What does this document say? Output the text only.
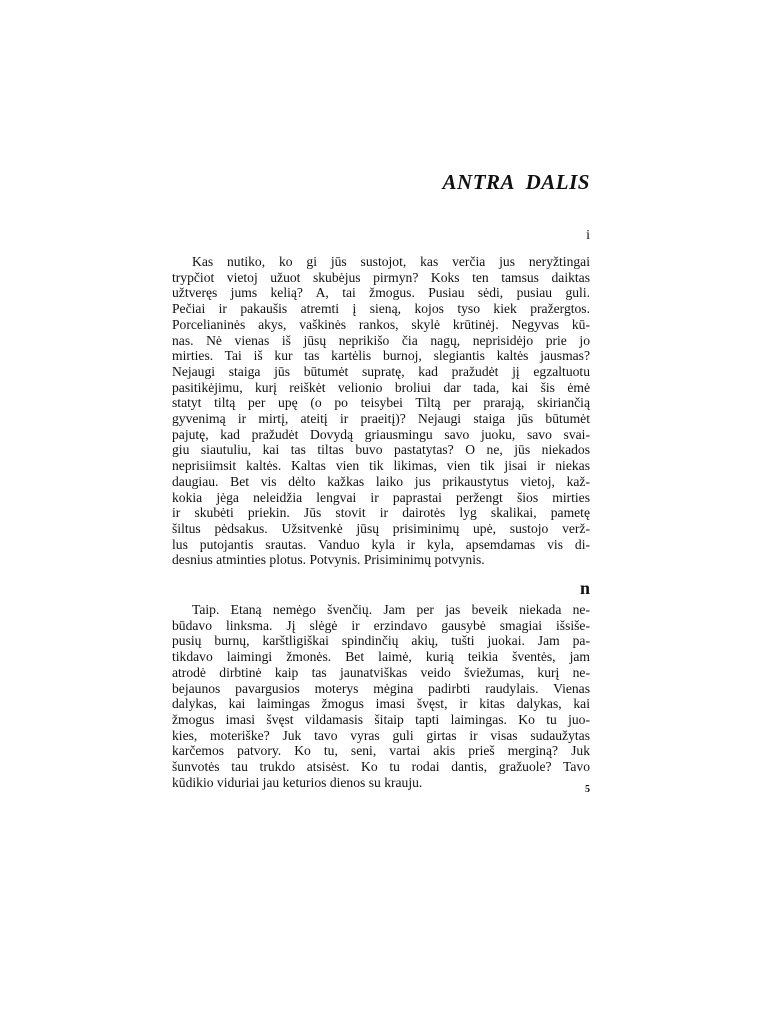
ANTRA DALIS
i
Kas nutiko, ko gi jūs sustojot, kas verčia jus neryžtingai
trypčiot vietoj užuot skubėjus pirmyn? Koks ten tamsus daiktas
užtveręs jums kelią? A, tai žmogus. Pusiau sėdi, pusiau guli.
Pečiai ir pakaušis atremti į sieną, kojos tyso kiek pražergtos.
Porcelianinės akys, vaškinės rankos, skylė krūtinėj. Negyvas kū-
nas. Nė vienas iš jūsų neprikišo čia nagų, neprisidėjo prie jo
mirties. Tai iš kur tas kartėlis burnoj, slegiantis kaltės jausmas?
Nejaugi staiga jūs būtumėt supratę, kad pražudėt jį egzaltuotu
pasitikėjimu, kurį reiškėt velionio broliui dar tada, kai šis ėmė
statyt tiltą per upę (o po teisybei Tiltą per prarają, skiriančią
gyvenimą ir mirtį, ateitį ir praeitį)? Nejaugi staiga jūs būtumėt
pajutę, kad pražudėt Dovydą griausmingu savo juoku, savo svai-
giu siautuliu, kai tas tiltas buvo pastatytas? O ne, jūs niekados
neprisiimsit kaltės. Kaltas vien tik likimas, vien tik jisai ir niekas
daugiau. Bet vis dėlto kažkas laiko jus prikaustytus vietoj, kaž-
kokia jėga neleidžia lengvai ir paprastai peržengt šios mirties
ir skubėti priekin. Jūs stovit ir dairotės lyg skalikai, pametę
šiltus pėdsakus. Užsitvenkė jūsų prisiminimų upė, sustojo verž-
lus putojantis srautas. Vanduo kyla ir kyla, apsemdamas vis di-
desnius atminties plotus. Potvynis. Prisiminimų potvynis.
n
Taip. Etaną nemėgo švenčių. Jam per jas beveik niekada ne-
būdavo linksma. Jį slėgė ir erzindavo gausybė smagiai išsiše-
pusių burnų, karštligiškai spindinčių akių, tušti juokai. Jam pa-
tikdavo laimingi žmonės. Bet laimė, kurią teikia šventės, jam
atrodė dirbtinė kaip tas jaunatviškas veido šviežumas, kurį ne-
bejaunos pavargusios moterys mėgina padirbti raudylais. Vienas
dalykas, kai laimingas žmogus imasi švęst, ir kitas dalykas, kai
žmogus imasi švęst vildamasis šitaip tapti laimingas. Ko tu juo-
kies, moteriške? Juk tavo vyras guli girtas ir visas sudaužytas
karčemos patvory. Ko tu, seni, vartai akis prieš merginą? Juk
šunvotės tau trukdo atsisėst. Ko tu rodai dantis, gražuole? Tavo
kūdikio viduriai jau keturios dienos su krauju.	5
